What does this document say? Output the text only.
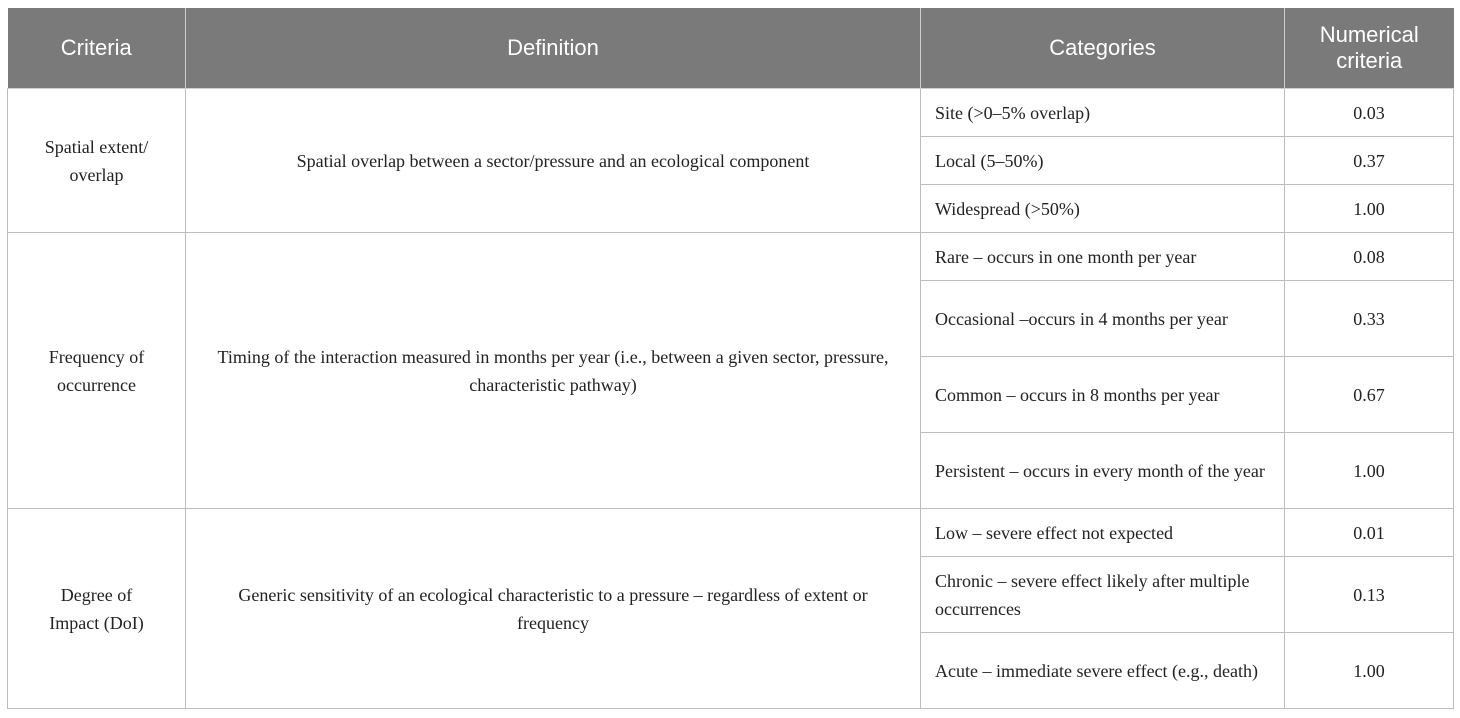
Criteria	Definition	Categories	Numerical criteria
Spatial extent/ overlap	Spatial overlap between a sector/pressure and an ecological component	Site (>0–5% overlap)	0.03
		Local (5–50%)	0.37
		Widespread (>50%)	1.00
Frequency of occurrence	Timing of the interaction measured in months per year (i.e., between a given sector, pressure, characteristic pathway)	Rare – occurs in one month per year	0.08
		Occasional –occurs in 4 months per year	0.33
		Common – occurs in 8 months per year	0.67
		Persistent – occurs in every month of the year	1.00
Degree of Impact (DoI)	Generic sensitivity of an ecological characteristic to a pressure – regardless of extent or frequency	Low – severe effect not expected	0.01
		Chronic – severe effect likely after multiple occurrences	0.13
		Acute – immediate severe effect (e.g., death)	1.00
